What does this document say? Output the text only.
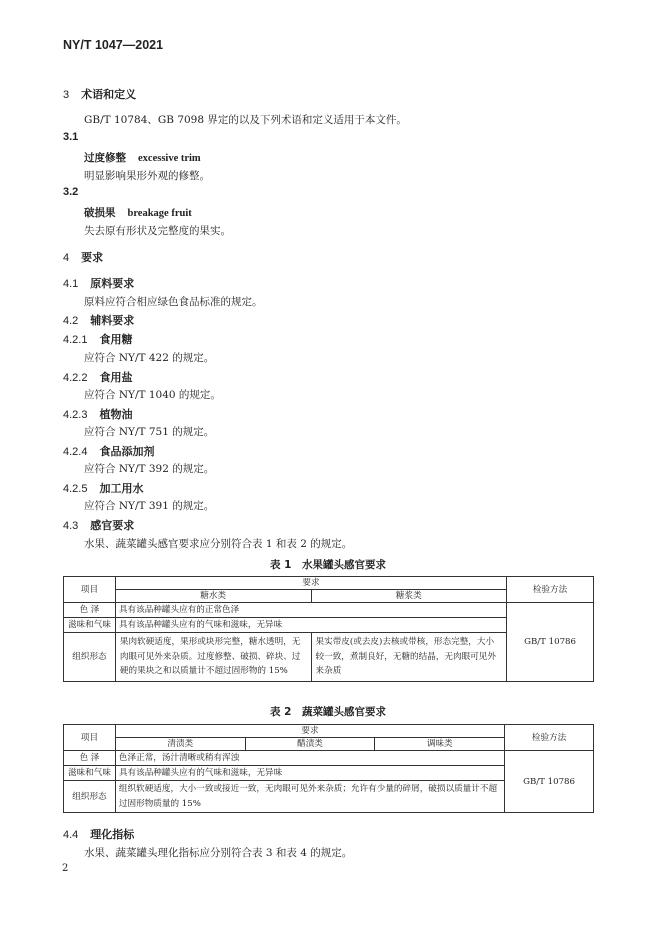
NY/T 1047—2021
3 术语和定义
GB/T 10784、GB 7098 界定的以及下列术语和定义适用于本文件。
3.1
过度修整 excessive trim
明显影响果形外观的修整。
3.2
破损果 breakage fruit
失去原有形状及完整度的果实。
4 要求
4.1 原料要求
原料应符合相应绿色食品标准的规定。
4.2 辅料要求
4.2.1 食用糖
应符合 NY/T 422 的规定。
4.2.2 食用盐
应符合 NY/T 1040 的规定。
4.2.3 植物油
应符合 NY/T 751 的规定。
4.2.4 食品添加剂
应符合 NY/T 392 的规定。
4.2.5 加工用水
应符合 NY/T 391 的规定。
4.3 感官要求
水果、蔬菜罐头感官要求应分别符合表 1 和表 2 的规定。
表 1　水果罐头感官要求
项目	要求		检验方法
	糖水类	糖浆类	
色 泽	具有该品种罐头应有的正常色泽		GB/T 10786
滋味和气味	具有该品种罐头应有的气味和滋味，无异味		
组织形态	果肉软硬适度，果形或块形完整，糖水透明，无肉眼可见外来杂质。过度修整、破损、碎块、过硬的果块之和以质量计不超过固形物的 15%	果实带皮(或去皮)去核或带核，形态完整，大小较一致，煮制良好，无糖的结晶，无肉眼可见外来杂质	
表 2　蔬菜罐头感官要求
项目	要求			检验方法
	清渍类	醋渍类	调味类	
色 泽	色泽正常，汤汁清晰或稍有浑浊			GB/T 10786
滋味和气味	具有该品种罐头应有的气味和滋味，无异味			
组织形态	组织软硬适度，大小一致或接近一致，无肉眼可见外来杂质；允许有少量的碎屑，破损以质量计不超过固形物质量的 15%			
4.4 理化指标
水果、蔬菜罐头理化指标应分别符合表 3 和表 4 的规定。
2
